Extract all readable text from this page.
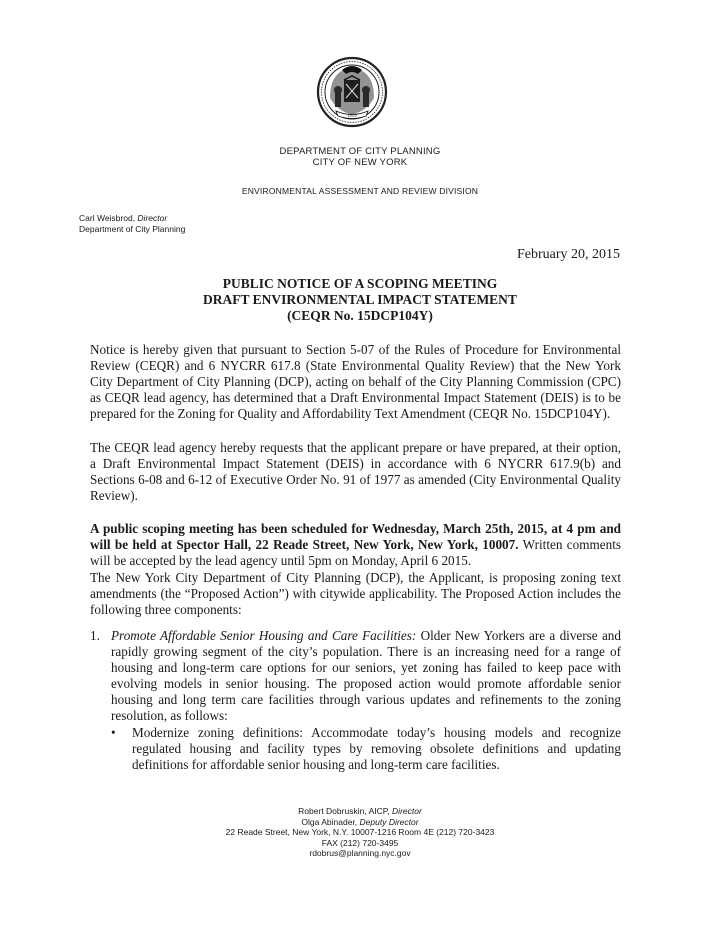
1625
DEPARTMENT OF CITY PLANNING
CITY OF NEW YORK
ENVIRONMENTAL ASSESSMENT AND REVIEW DIVISION
Carl Weisbrod, Director
Department of City Planning
February 20, 2015
PUBLIC NOTICE OF A SCOPING MEETING
DRAFT ENVIRONMENTAL IMPACT STATEMENT
(CEQR No. 15DCP104Y)
Notice is hereby given that pursuant to Section 5-07 of the Rules of Procedure for Environmental Review (CEQR) and 6 NYCRR 617.8 (State Environmental Quality Review) that the New York City Department of City Planning (DCP), acting on behalf of the City Planning Commission (CPC) as CEQR lead agency, has determined that a Draft Environmental Impact Statement (DEIS) is to be prepared for the Zoning for Quality and Affordability Text Amendment (CEQR No. 15DCP104Y).
The CEQR lead agency hereby requests that the applicant prepare or have prepared, at their option, a Draft Environmental Impact Statement (DEIS) in accordance with 6 NYCRR 617.9(b) and Sections 6-08 and 6-12 of Executive Order No. 91 of 1977 as amended (City Environmental Quality Review).
A public scoping meeting has been scheduled for Wednesday, March 25th, 2015, at 4 pm and will be held at Spector Hall, 22 Reade Street, New York, New York, 10007. Written comments will be accepted by the lead agency until 5pm on Monday, April 6 2015.
The New York City Department of City Planning (DCP), the Applicant, is proposing zoning text amendments (the “Proposed Action”) with citywide applicability. The Proposed Action includes the following three components:
1. Promote Affordable Senior Housing and Care Facilities: Older New Yorkers are a diverse and rapidly growing segment of the city’s population. There is an increasing need for a range of housing and long-term care options for our seniors, yet zoning has failed to keep pace with evolving models in senior housing. The proposed action would promote affordable senior housing and long term care facilities through various updates and refinements to the zoning resolution, as follows:
• Modernize zoning definitions: Accommodate today’s housing models and recognize regulated housing and facility types by removing obsolete definitions and updating definitions for affordable senior housing and long-term care facilities.
Robert Dobruskin, AICP, Director
Olga Abinader, Deputy Director
22 Reade Street, New York, N.Y. 10007-1216 Room 4E (212) 720-3423
FAX (212) 720-3495
rdobrus@planning.nyc.gov
